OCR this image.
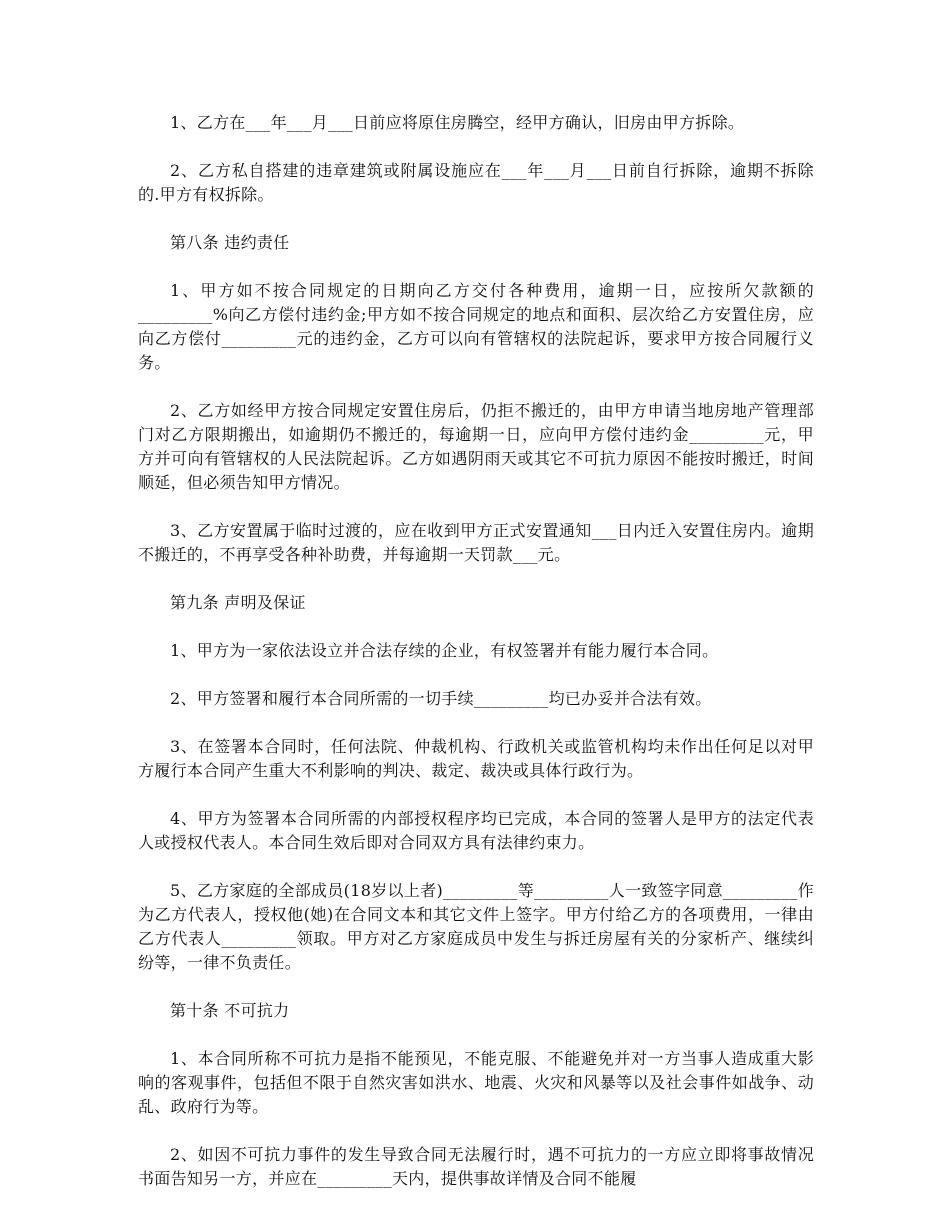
1、乙方在___年___月___日前应将原住房腾空，经甲方确认，旧房由甲方拆除。

2、乙方私自搭建的违章建筑或附属设施应在___年___月___日前自行拆除，逾期不拆除的.甲方有权拆除。

第八条 违约责任

1、甲方如不按合同规定的日期向乙方交付各种费用，逾期一日，应按所欠款额的_________%向乙方偿付违约金;甲方如不按合同规定的地点和面积、层次给乙方安置住房，应向乙方偿付_________元的违约金，乙方可以向有管辖权的法院起诉，要求甲方按合同履行义务。

2、乙方如经甲方按合同规定安置住房后，仍拒不搬迁的，由甲方申请当地房地产管理部门对乙方限期搬出，如逾期仍不搬迁的，每逾期一日，应向甲方偿付违约金_________元，甲方并可向有管辖权的人民法院起诉。乙方如遇阴雨天或其它不可抗力原因不能按时搬迁，时间顺延，但必须告知甲方情况。

3、乙方安置属于临时过渡的，应在收到甲方正式安置通知___日内迁入安置住房内。逾期不搬迁的，不再享受各种补助费，并每逾期一天罚款___元。

第九条 声明及保证

1、甲方为一家依法设立并合法存续的企业，有权签署并有能力履行本合同。

2、甲方签署和履行本合同所需的一切手续_________均已办妥并合法有效。

3、在签署本合同时，任何法院、仲裁机构、行政机关或监管机构均未作出任何足以对甲方履行本合同产生重大不利影响的判决、裁定、裁决或具体行政行为。

4、甲方为签署本合同所需的内部授权程序均已完成，本合同的签署人是甲方的法定代表人或授权代表人。本合同生效后即对合同双方具有法律约束力。

5、乙方家庭的全部成员(18岁以上者)_________等_________人一致签字同意_________作为乙方代表人，授权他(她)在合同文本和其它文件上签字。甲方付给乙方的各项费用，一律由乙方代表人_________领取。甲方对乙方家庭成员中发生与拆迁房屋有关的分家析产、继续纠纷等，一律不负责任。

第十条 不可抗力

1、本合同所称不可抗力是指不能预见，不能克服、不能避免并对一方当事人造成重大影响的客观事件，包括但不限于自然灾害如洪水、地震、火灾和风暴等以及社会事件如战争、动乱、政府行为等。

2、如因不可抗力事件的发生导致合同无法履行时，遇不可抗力的一方应立即将事故情况书面告知另一方，并应在_________天内，提供事故详情及合同不能履
